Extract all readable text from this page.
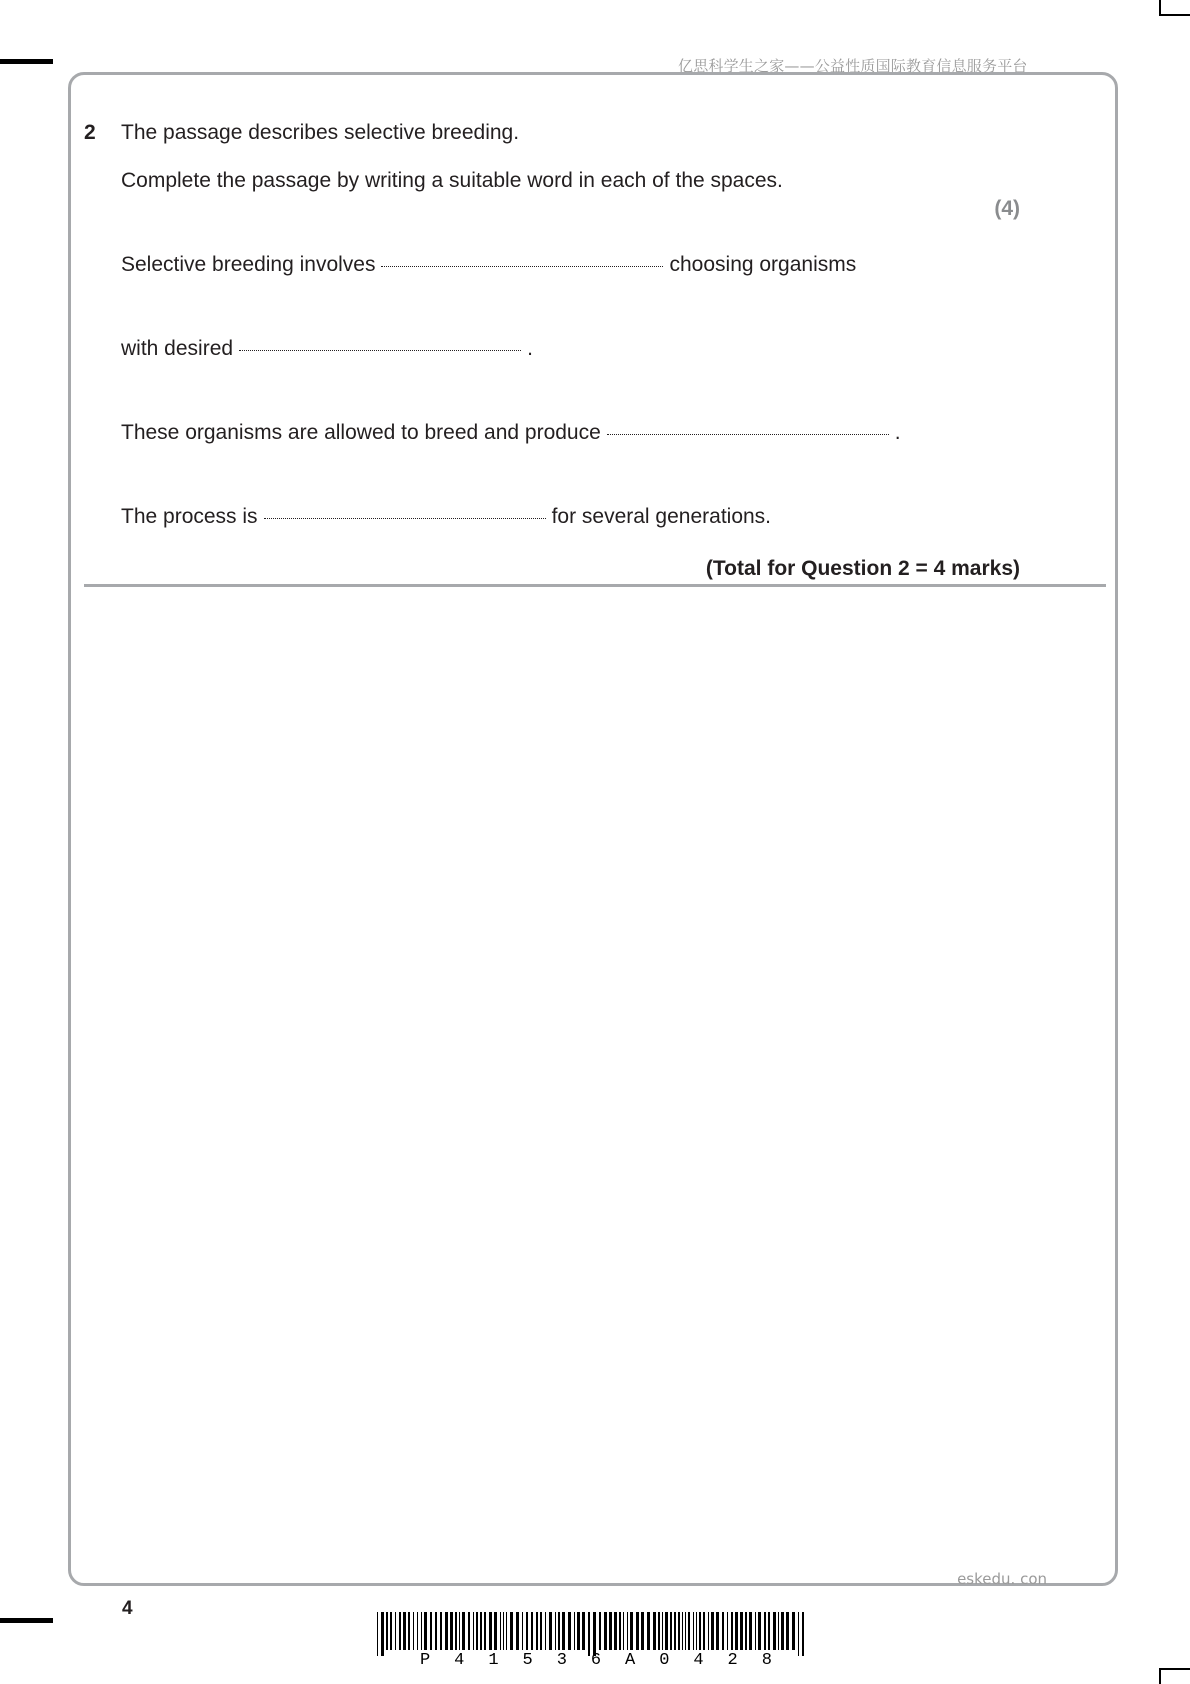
亿思科学生之家——公益性质国际教育信息服务平台
2 The passage describes selective breeding.
Complete the passage by writing a suitable word in each of the spaces.
(4)
Selective breeding involves	choosing organisms
with desired	.
These organisms are allowed to breed and produce	.
The process is	for several generations.
(Total for Question 2 = 4 marks)
eskedu. con
4
P 4 1 5 3 6 A 0 4 2 8
